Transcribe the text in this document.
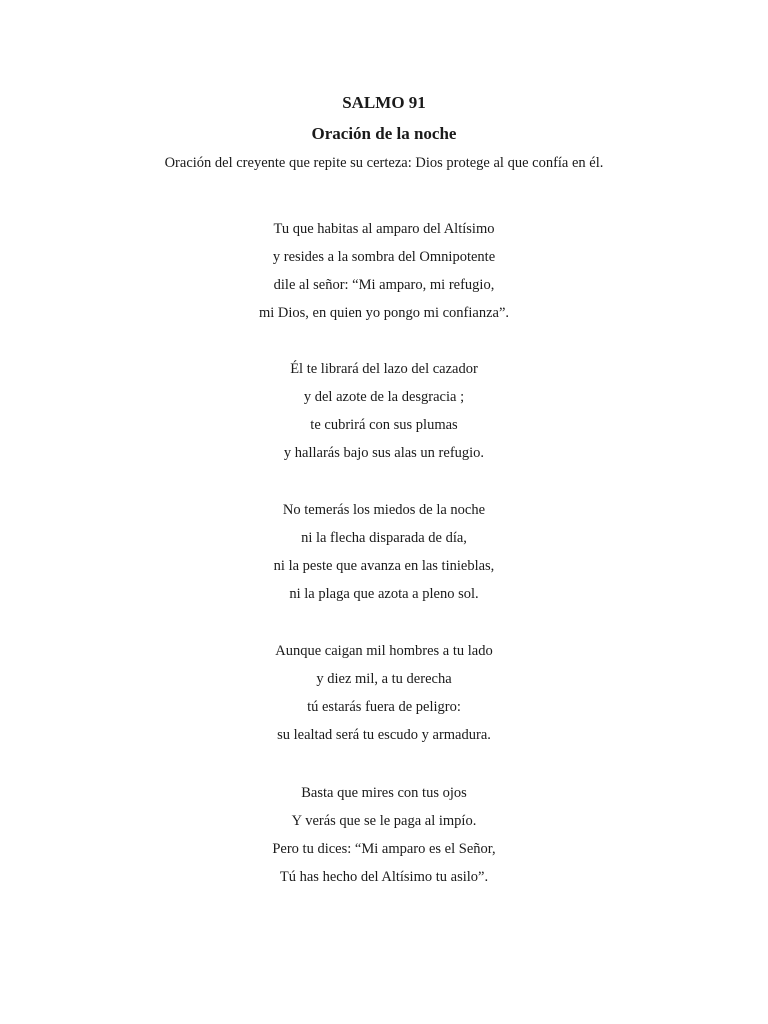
SALMO 91
Oración de la noche
Oración del creyente que repite su certeza: Dios protege al que confía en él.
Tu que habitas al amparo del Altísimo
y resides a la sombra del Omnipotente
dile al señor: “Mi amparo, mi refugio,
mi Dios, en quien yo pongo mi confianza”.
Él te librará del lazo del cazador
y del azote de la desgracia ;
te cubrirá con sus plumas
y hallarás bajo sus alas un refugio.
No temerás los miedos de la noche
ni la flecha disparada de día,
ni la peste que avanza en las tinieblas,
ni la plaga que azota a pleno sol.
Aunque caigan mil hombres a tu lado
y diez mil, a tu derecha
tú estarás fuera de peligro:
su lealtad será tu escudo y armadura.
Basta que mires con tus ojos
Y verás que se le paga al impío.
Pero tu dices: “Mi amparo es el Señor,
Tú has hecho del Altísimo tu asilo”.
